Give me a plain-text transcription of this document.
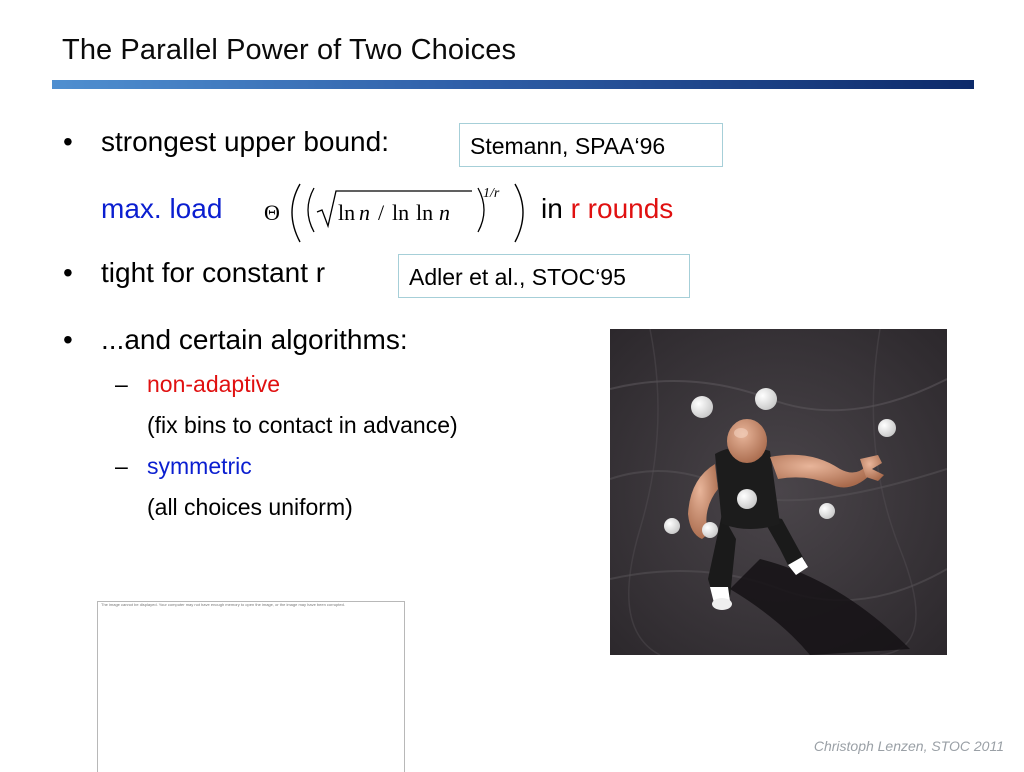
The Parallel Power of Two Choices
• strongest upper bound:	Stemann, SPAA‘96
max. load Θ	ln n / ln ln n
1/r in r rounds
• tight for constant r	Adler et al., STOC‘95
• ...and certain algorithms:
– non-adaptive
(fix bins to contact in advance)
– symmetric
(all choices uniform)
The image cannot be displayed. Your computer may not have enough memory to open the image, or the image may have been corrupted.
Christoph Lenzen, STOC 2011
